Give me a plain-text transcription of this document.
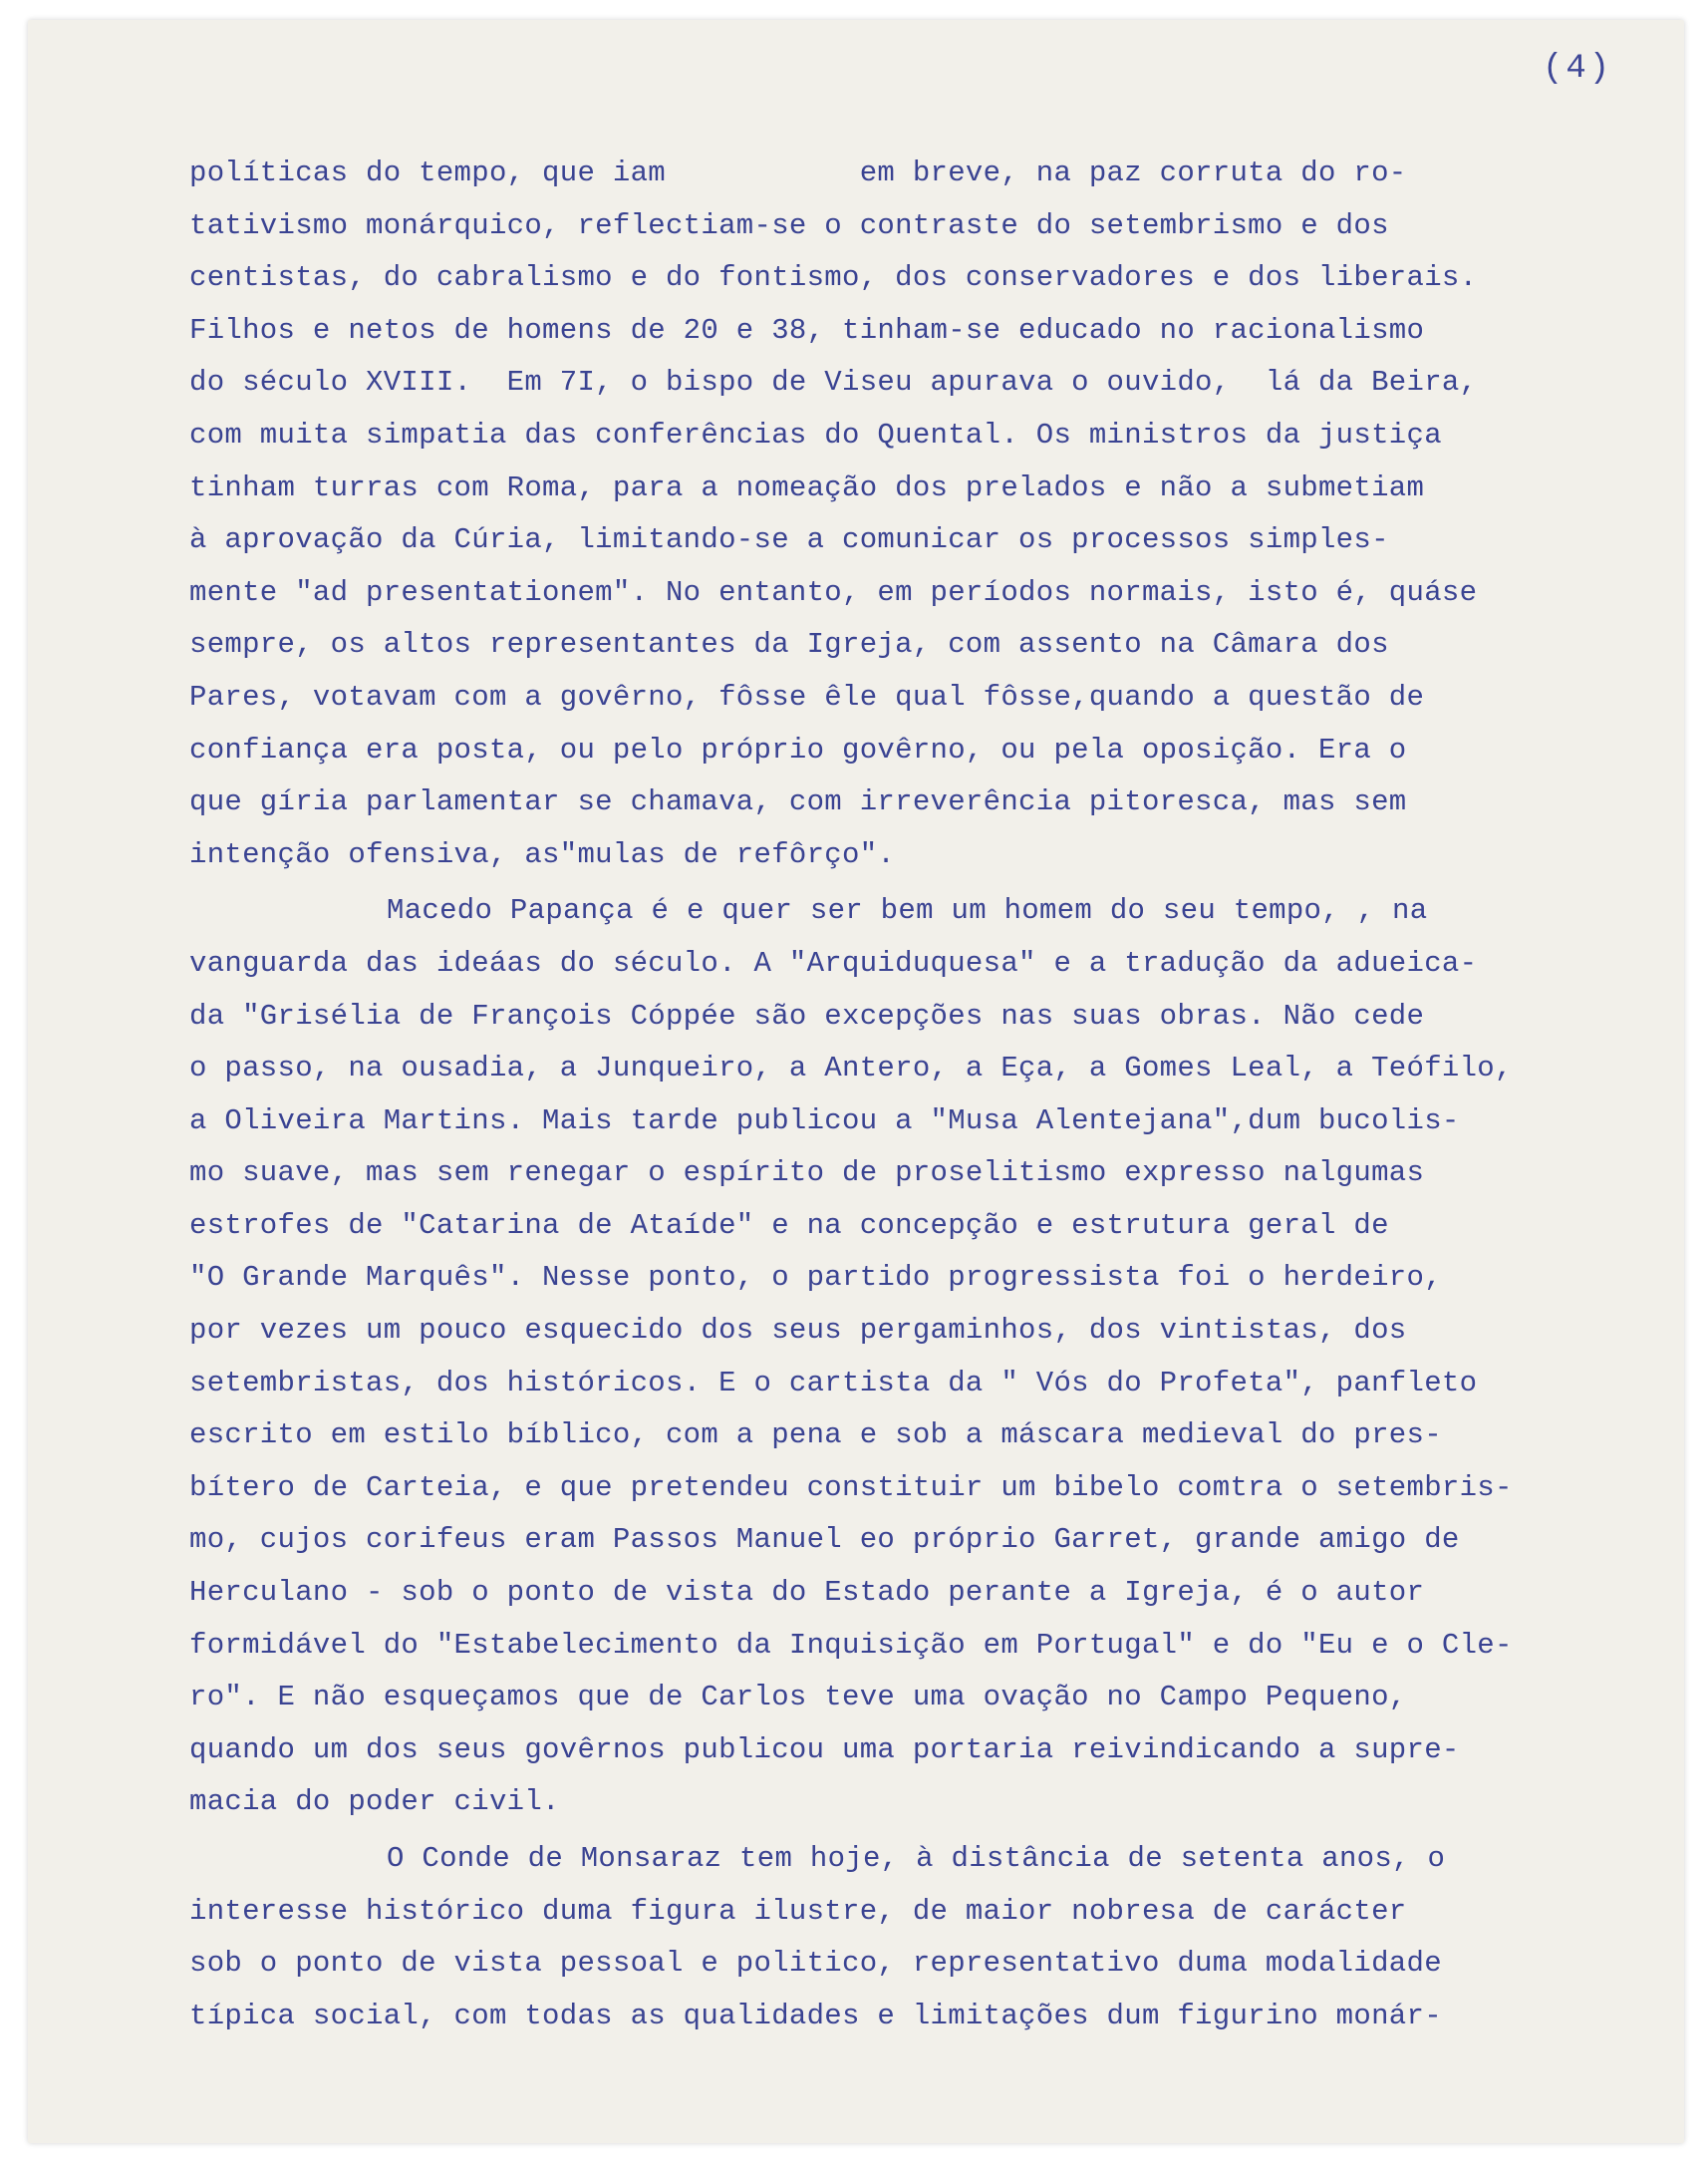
(4)

políticas do tempo, que iam           em breve, na paz corruta do ro-

tativismo monárquico, reflectiam-se o contraste do setembrismo e dos

centistas, do cabralismo e do fontismo, dos conservadores e dos liberais.

Filhos e netos de homens de 20 e 38, tinham-se educado no racionalismo

do século XVIII.  Em 7I, o bispo de Viseu apurava o ouvido,  lá da Beira,

com muita simpatia das conferências do Quental. Os ministros da justiça

tinham turras com Roma, para a nomeação dos prelados e não a submetiam

à aprovação da Cúria, limitando-se a comunicar os processos simples-

mente "ad presentationem". No entanto, em períodos normais, isto é, quáse

sempre, os altos representantes da Igreja, com assento na Câmara dos

Pares, votavam com a govêrno, fôsse êle qual fôsse,quando a questão de

confiança era posta, ou pelo próprio govêrno, ou pela oposição. Era o

que gíria parlamentar se chamava, com irreverência pitoresca, mas sem

intenção ofensiva, as"mulas de refôrço".

Macedo Papança é e quer ser bem um homem do seu tempo, , na

vanguarda das ideáas do século. A "Arquiduquesa" e a tradução da adueica-

da "Grisélia de François Cóppée são excepções nas suas obras. Não cede

o passo, na ousadia, a Junqueiro, a Antero, a Eça, a Gomes Leal, a Teófilo,

a Oliveira Martins. Mais tarde publicou a "Musa Alentejana",dum bucolis-

mo suave, mas sem renegar o espírito de proselitismo expresso nalgumas

estrofes de "Catarina de Ataíde" e na concepção e estrutura geral de

"O Grande Marquês". Nesse ponto, o partido progressista foi o herdeiro,

por vezes um pouco esquecido dos seus pergaminhos, dos vintistas, dos

setembristas, dos históricos. E o cartista da " Vós do Profeta", panfleto

escrito em estilo bíblico, com a pena e sob a máscara medieval do pres-

bítero de Carteia, e que pretendeu constituir um bibelo comtra o setembris-

mo, cujos corifeus eram Passos Manuel eo próprio Garret, grande amigo de

Herculano - sob o ponto de vista do Estado perante a Igreja, é o autor

formidável do "Estabelecimento da Inquisição em Portugal" e do "Eu e o Cle-

ro". E não esqueçamos que de Carlos teve uma ovação no Campo Pequeno,

quando um dos seus govêrnos publicou uma portaria reivindicando a supre-

macia do poder civil.

O Conde de Monsaraz tem hoje, à distância de setenta anos, o

interesse histórico duma figura ilustre, de maior nobresa de carácter

sob o ponto de vista pessoal e politico, representativo duma modalidade

típica social, com todas as qualidades e limitações dum figurino monár-
